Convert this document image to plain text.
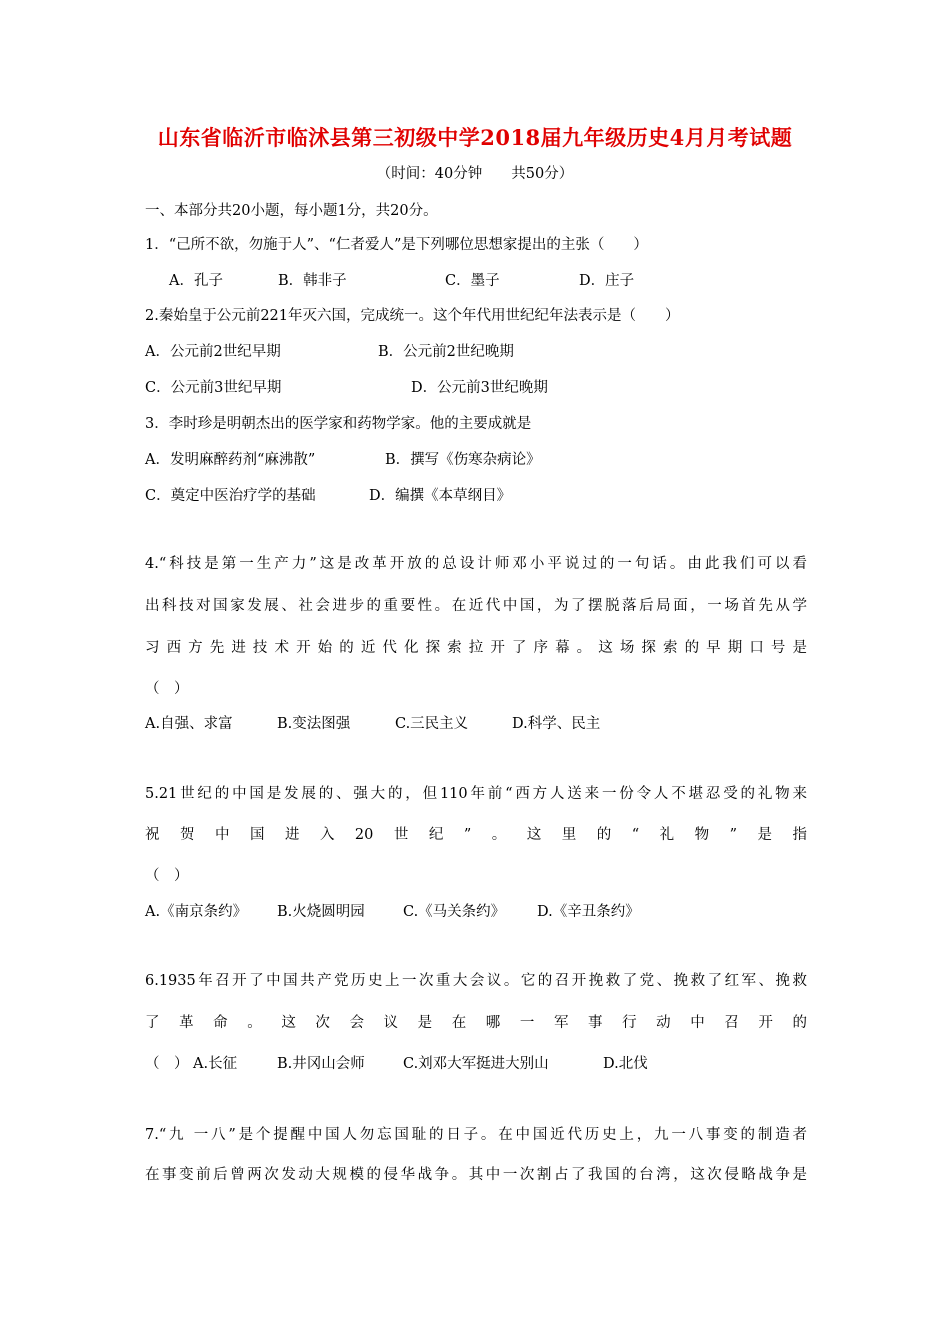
山东省临沂市临沭县第三初级中学2018届九年级历史4月月考试题
（时间：40分钟　　共50分）
一、本部分共20小题，每小题1分，共20分。
1．“己所不欲，勿施于人”、“仁者爱人”是下列哪位思想家提出的主张（　　）
A．孔子	B．韩非子	C．墨子	D．庄子
2.秦始皇于公元前221年灭六国，完成统一。这个年代用世纪纪年法表示是（　　）
A．公元前2世纪早期	B．公元前2世纪晚期
C．公元前3世纪早期	D．公元前3世纪晚期
3．李时珍是明朝杰出的医学家和药物学家。他的主要成就是
A．发明麻醉药剂“麻沸散”	B．撰写《伤寒杂病论》
C．奠定中医治疗学的基础	D．编撰《本草纲目》
4.“科技是第一生产力”这是改革开放的总设计师邓小平说过的一句话。由此我们可以看
出科技对国家发展、社会进步的重要性。在近代中国，为了摆脱落后局面，一场首先从学
习西方先进技术开始的近代化探索拉开了序幕。这场探索的早期口号是
（　）
A.自强、求富	B.变法图强	C.三民主义	D.科学、民主
5.21世纪的中国是发展的、强大的，但110年前“西方人送来一份令人不堪忍受的礼物来
祝贺中国进入20世纪”。这里的“礼物”是指
（　）
A.《南京条约》 B.火烧圆明园	C.《马关条约》 D.《辛丑条约》
6.1935年召开了中国共产党历史上一次重大会议。它的召开挽救了党、挽救了红军、挽救
了革命。这次会议是在哪一军事行动中召开的
（　） A.长征	B.井冈山会师	C.刘邓大军挺进大别山	D.北伐
7.“九 一八”是个提醒中国人勿忘国耻的日子。在中国近代历史上，九一八事变的制造者
在事变前后曾两次发动大规模的侵华战争。其中一次割占了我国的台湾，这次侵略战争是
